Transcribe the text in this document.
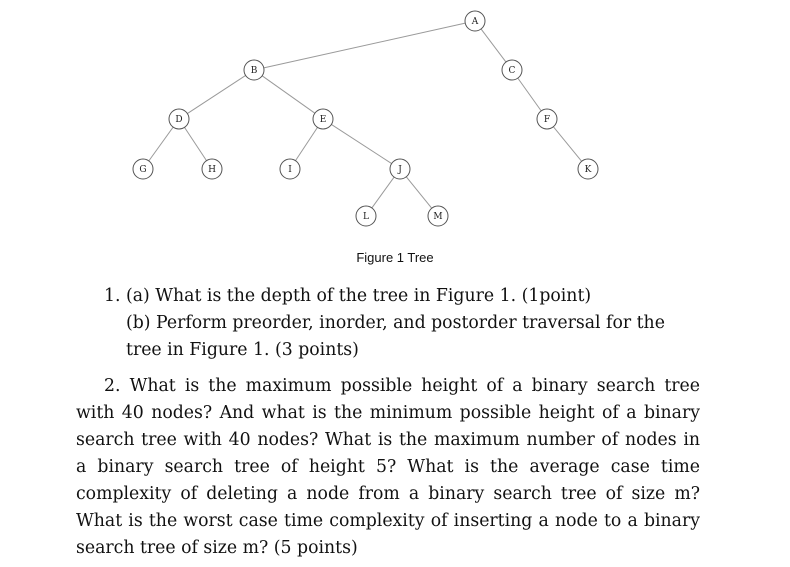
A
B	C
D	E	F
G	H	I	J	K
L	M
Figure 1 Tree

1. (a) What is the depth of the tree in Figure 1. (1point)
(b) Perform preorder, inorder, and postorder traversal for the
tree in Figure 1. (3 points)

2. What is the maximum possible height of a binary search tree with 40 nodes? And what is the minimum possible height of a binary search tree with 40 nodes? What is the maximum number of nodes in a binary search tree of height 5? What is the average case time complexity of deleting a node from a binary search tree of size m? What is the worst case time complexity of inserting a node to a binary search tree of size m? (5 points)
